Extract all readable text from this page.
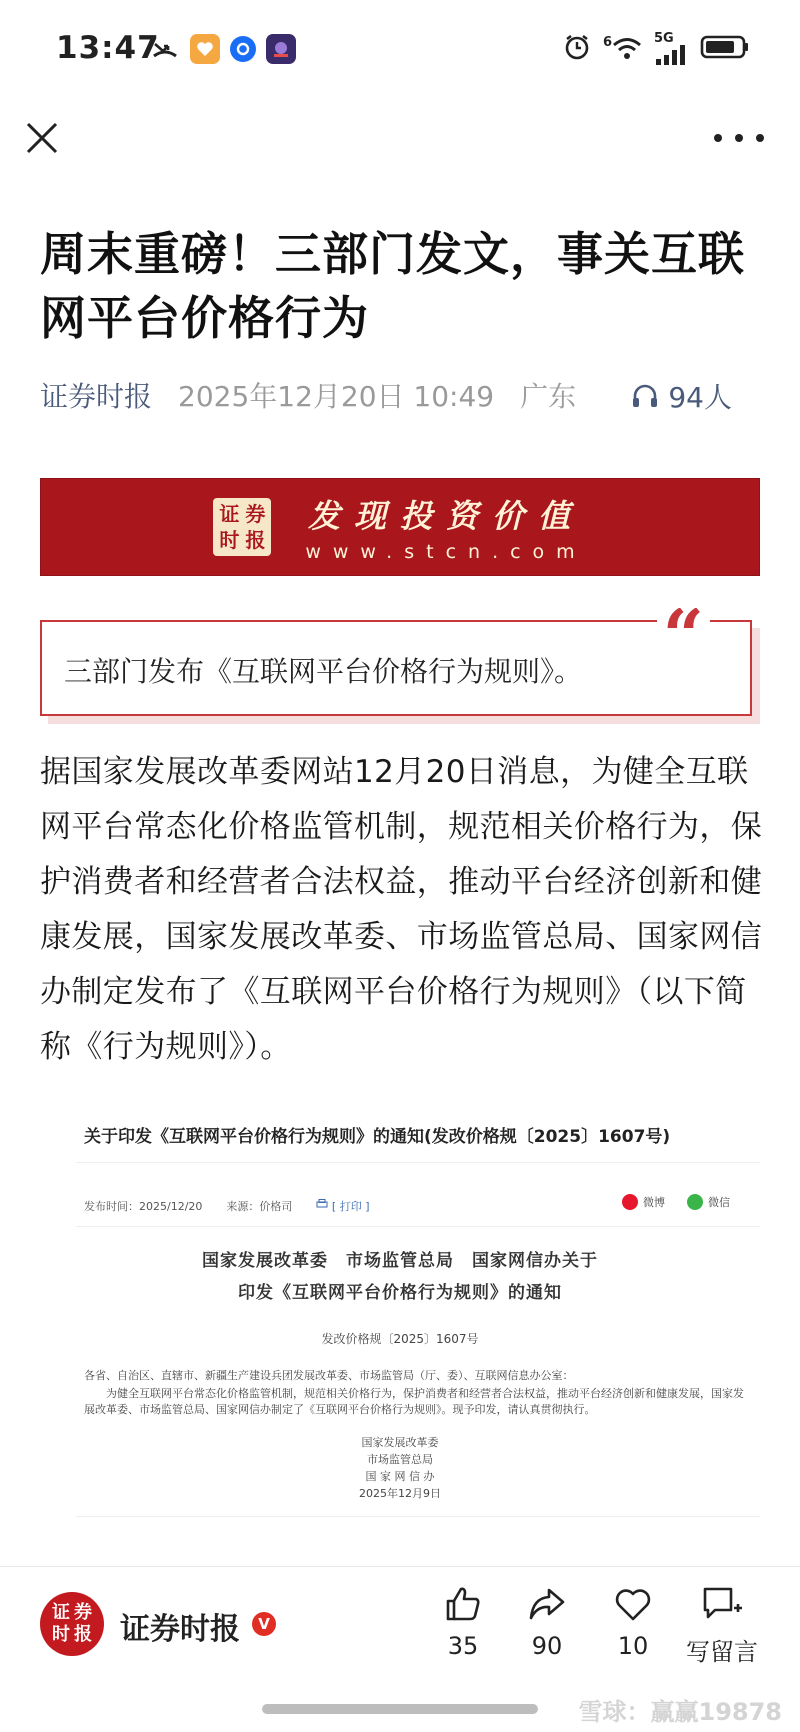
13:47	6	5G
周末重磅！三部门发文，事关互联网平台价格行为
证券时报 2025年12月20日 10:49 广东	94人
证 券
时 报
发现投资价值
www.stcn.com
“
三部门发布《互联网平台价格行为规则》。

据国家发展改革委网站12月20日消息，为健全互联网平台常态化价格监管机制，规范相关价格行为，保护消费者和经营者合法权益，推动平台经济创新和健康发展，国家发展改革委、市场监管总局、国家网信办制定发布了《互联网平台价格行为规则》（以下简称《行为规则》）。

关于印发《互联网平台价格行为规则》的通知(发改价格规〔2025〕1607号)
发布时间：2025/12/20 来源：价格司	[ 打印 ]	微博	微信
国家发展改革委　市场监管总局　国家网信办关于
印发《互联网平台价格行为规则》的通知
发改价格规〔2025〕1607号
各省、自治区、直辖市、新疆生产建设兵团发展改革委、市场监管局（厅、委）、互联网信息办公室：
为健全互联网平台常态化价格监管机制，规范相关价格行为，保护消费者和经营者合法权益，推动平台经济创新和健康发展，国家发展改革委、市场监管总局、国家网信办制定了《互联网平台价格行为规则》。现予印发，请认真贯彻执行。
国家发展改革委
市场监管总局
国 家 网 信 办
2025年12月9日
证 券
时 报 证券时报	V
35 90 10 写留言
雪球：赢赢19878
